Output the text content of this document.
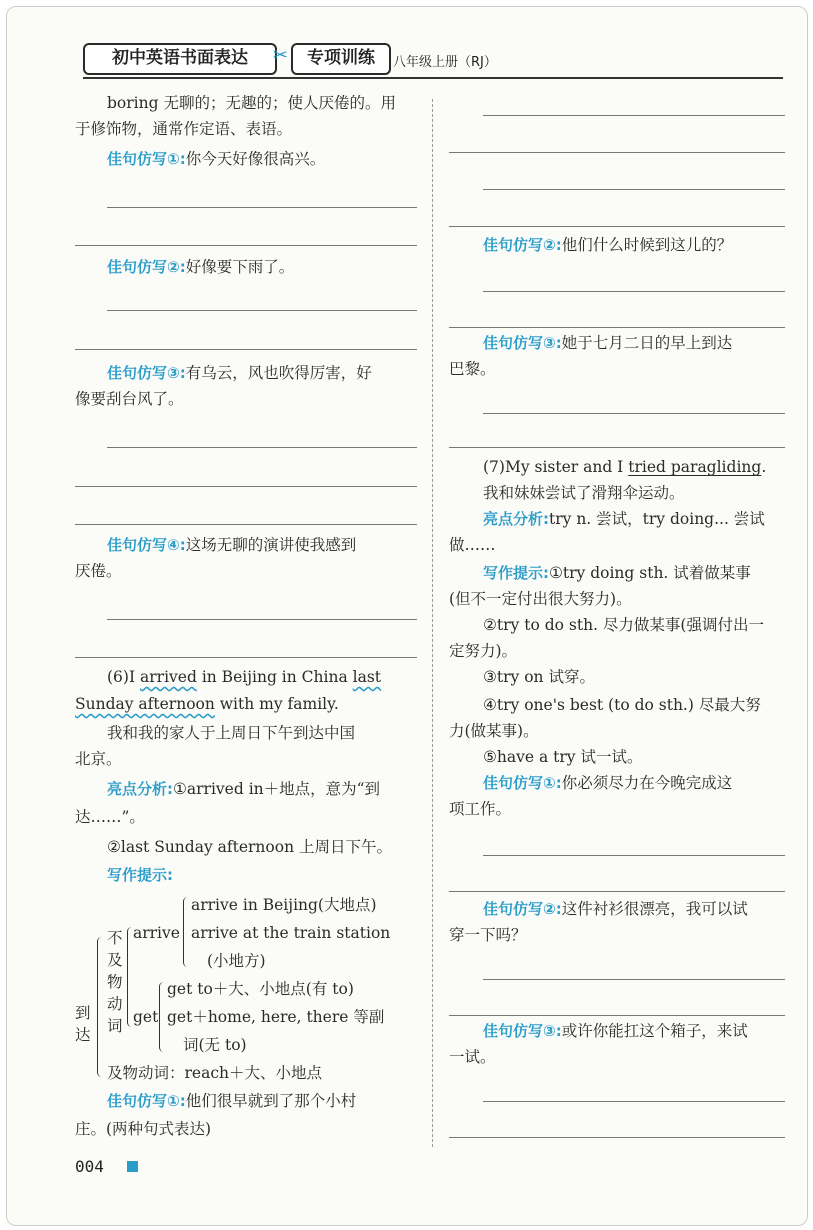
初中英语书面表达	✂	专项训练	八年级上册（RJ）
boring 无聊的；无趣的；使人厌倦的。用
于修饰物，通常作定语、表语。
佳句仿写①:你今天好像很高兴。
佳句仿写②:好像要下雨了。
佳句仿写③:有乌云，风也吹得厉害，好
像要刮台风了。
佳句仿写④:这场无聊的演讲使我感到
厌倦。
(6)I arrived in Beijing in China last
Sunday afternoon with my family.
我和我的家人于上周日下午到达中国
北京。
亮点分析:①arrived in＋地点，意为“到
达……”。
②last Sunday afternoon 上周日下午。
写作提示:
到
达
不
及
物
动
词
arrive
arrive in Beijing(大地点)
arrive at the train station
(小地方)
get
get to＋大、小地点(有 to)
get＋home, here, there 等副
词(无 to)
及物动词：reach＋大、小地点
佳句仿写①:他们很早就到了那个小村
庄。(两种句式表达)
佳句仿写②:他们什么时候到这儿的？
佳句仿写③:她于七月二日的早上到达
巴黎。
(7)My sister and I tried paragliding.
我和妹妹尝试了滑翔伞运动。
亮点分析:try n. 尝试，try doing... 尝试
做……
写作提示:①try doing sth. 试着做某事
(但不一定付出很大努力)。
②try to do sth. 尽力做某事(强调付出一
定努力)。
③try on 试穿。
④try one's best (to do sth.) 尽最大努
力(做某事)。
⑤have a try 试一试。
佳句仿写①:你必须尽力在今晚完成这
项工作。
佳句仿写②:这件衬衫很漂亮，我可以试
穿一下吗？
佳句仿写③:或许你能扛这个箱子，来试
一试。
004
